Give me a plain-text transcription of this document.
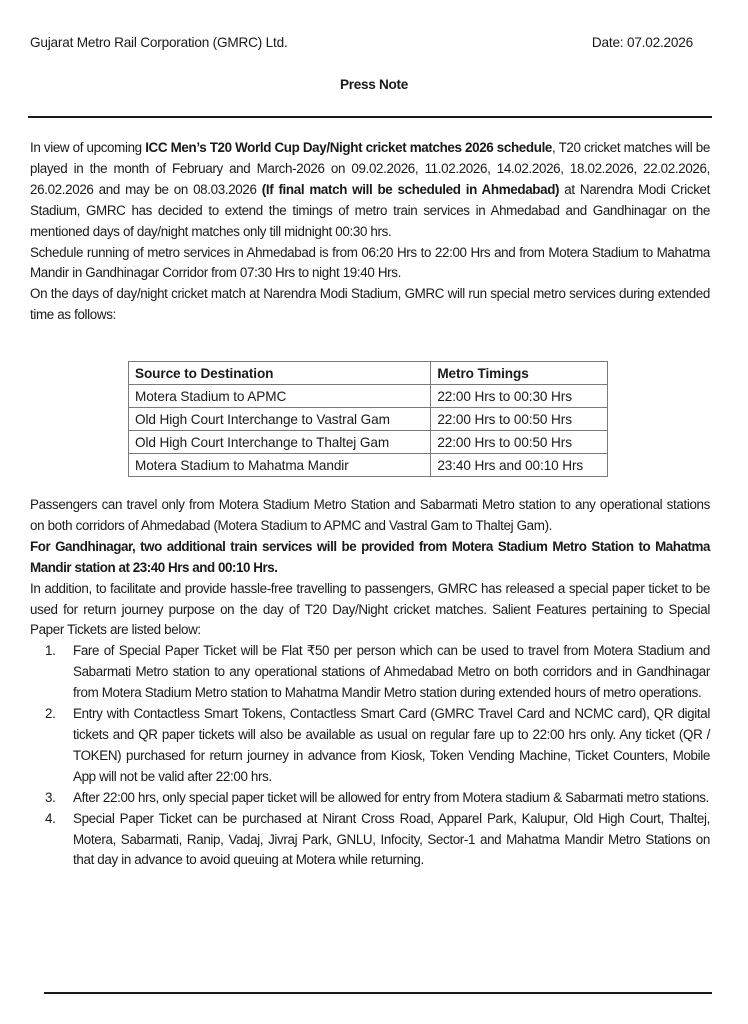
Gujarat Metro Rail Corporation (GMRC) Ltd.	Date: 07.02.2026
Press Note

In view of upcoming ICC Men’s T20 World Cup Day/Night cricket matches 2026 schedule, T20 cricket matches will be played in the month of February and March-2026 on 09.02.2026, 11.02.2026, 14.02.2026, 18.02.2026, 22.02.2026, 26.02.2026 and may be on 08.03.2026 (If final match will be scheduled in Ahmedabad) at Narendra Modi Cricket Stadium, GMRC has decided to extend the timings of metro train services in Ahmedabad and Gandhinagar on the mentioned days of day/night matches only till midnight 00:30 hrs.

Schedule running of metro services in Ahmedabad is from 06:20 Hrs to 22:00 Hrs and from Motera Stadium to Mahatma Mandir in Gandhinagar Corridor from 07:30 Hrs to night 19:40 Hrs.

On the days of day/night cricket match at Narendra Modi Stadium, GMRC will run special metro services during extended time as follows:

Source to Destination	Metro Timings
Motera Stadium to APMC	22:00 Hrs to 00:30 Hrs
Old High Court Interchange to Vastral Gam	22:00 Hrs to 00:50 Hrs
Old High Court Interchange to Thaltej Gam	22:00 Hrs to 00:50 Hrs
Motera Stadium to Mahatma Mandir	23:40 Hrs and 00:10 Hrs

Passengers can travel only from Motera Stadium Metro Station and Sabarmati Metro station to any operational stations on both corridors of Ahmedabad (Motera Stadium to APMC and Vastral Gam to Thaltej Gam).

For Gandhinagar, two additional train services will be provided from Motera Stadium Metro Station to Mahatma Mandir station at 23:40 Hrs and 00:10 Hrs.

In addition, to facilitate and provide hassle-free travelling to passengers, GMRC has released a special paper ticket to be used for return journey purpose on the day of T20 Day/Night cricket matches. Salient Features pertaining to Special Paper Tickets are listed below:

1. Fare of Special Paper Ticket will be Flat ₹50 per person which can be used to travel from Motera Stadium and Sabarmati Metro station to any operational stations of Ahmedabad Metro on both corridors and in Gandhinagar from Motera Stadium Metro station to Mahatma Mandir Metro station during extended hours of metro operations.
2. Entry with Contactless Smart Tokens, Contactless Smart Card (GMRC Travel Card and NCMC card), QR digital tickets and QR paper tickets will also be available as usual on regular fare up to 22:00 hrs only. Any ticket (QR / TOKEN) purchased for return journey in advance from Kiosk, Token Vending Machine, Ticket Counters, Mobile App will not be valid after 22:00 hrs.
3. After 22:00 hrs, only special paper ticket will be allowed for entry from Motera stadium & Sabarmati metro stations.
4. Special Paper Ticket can be purchased at Nirant Cross Road, Apparel Park, Kalupur, Old High Court, Thaltej, Motera, Sabarmati, Ranip, Vadaj, Jivraj Park, GNLU, Infocity, Sector-1 and Mahatma Mandir Metro Stations on that day in advance to avoid queuing at Motera while returning.
